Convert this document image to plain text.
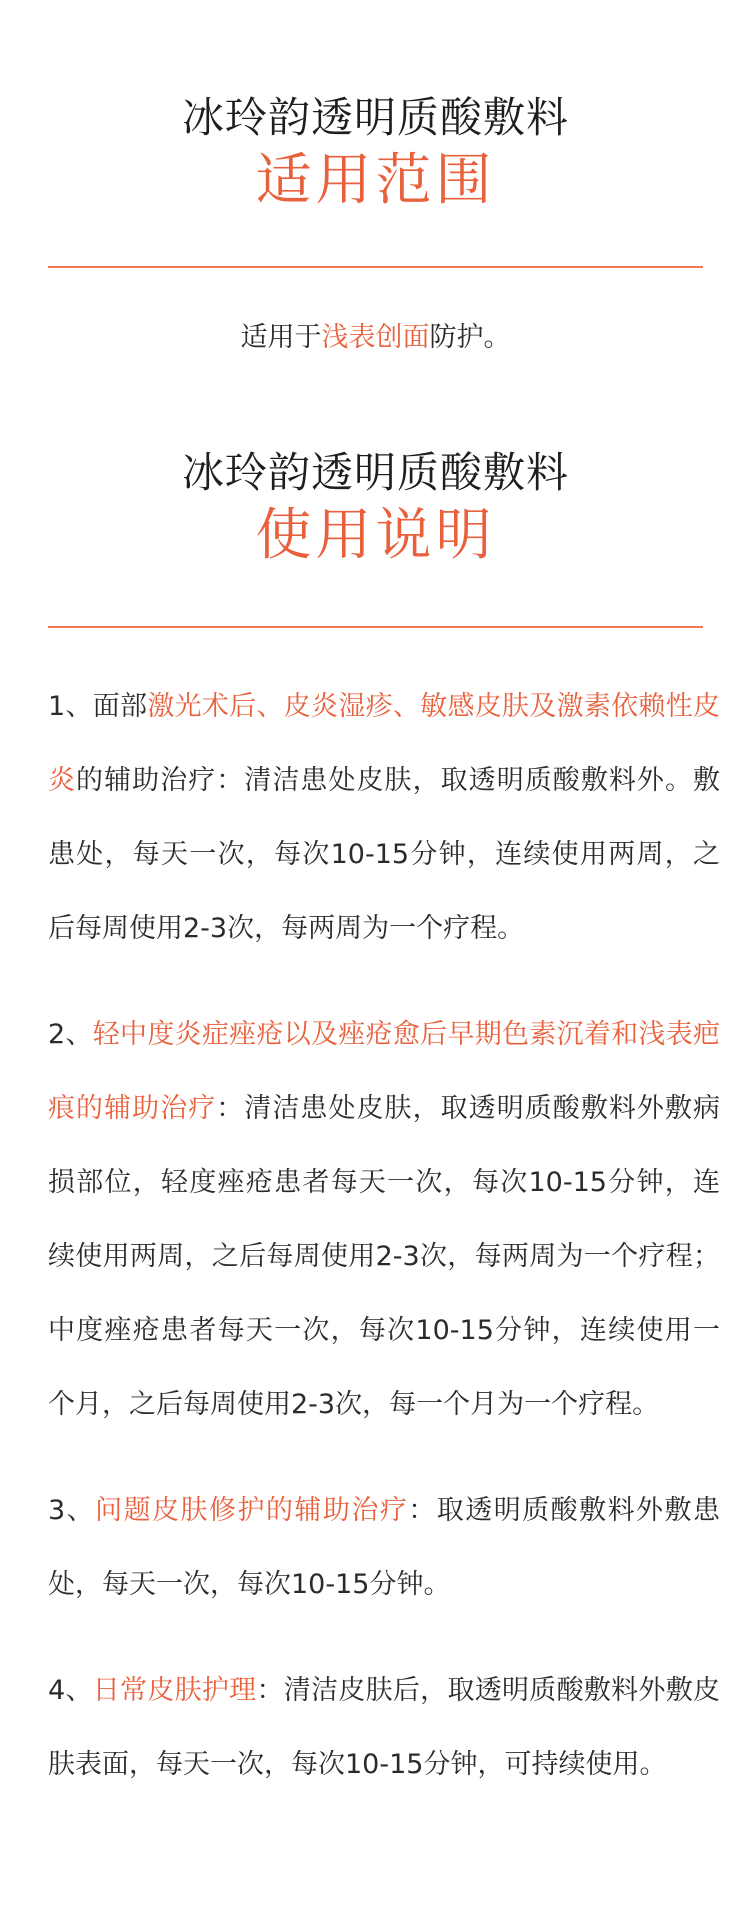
冰玲韵透明质酸敷料
适用范围
适用于浅表创面防护。
冰玲韵透明质酸敷料
使用说明
1、面部激光术后、皮炎湿疹、敏感皮肤及激素依赖性皮炎的辅助治疗：清洁患处皮肤，取透明质酸敷料外。敷患处，每天一次，每次10-15分钟，连续使用两周，之后每周使用2-3次，每两周为一个疗程。
2、轻中度炎症痤疮以及痤疮愈后早期色素沉着和浅表疤痕的辅助治疗：清洁患处皮肤，取透明质酸敷料外敷病损部位，轻度痤疮患者每天一次，每次10-15分钟，连续使用两周，之后每周使用2-3次，每两周为一个疗程；中度痤疮患者每天一次，每次10-15分钟，连续使用一个月，之后每周使用2-3次，每一个月为一个疗程。
3、问题皮肤修护的辅助治疗：取透明质酸敷料外敷患处，每天一次，每次10-15分钟。
4、日常皮肤护理：清洁皮肤后，取透明质酸敷料外敷皮肤表面，每天一次，每次10-15分钟，可持续使用。
